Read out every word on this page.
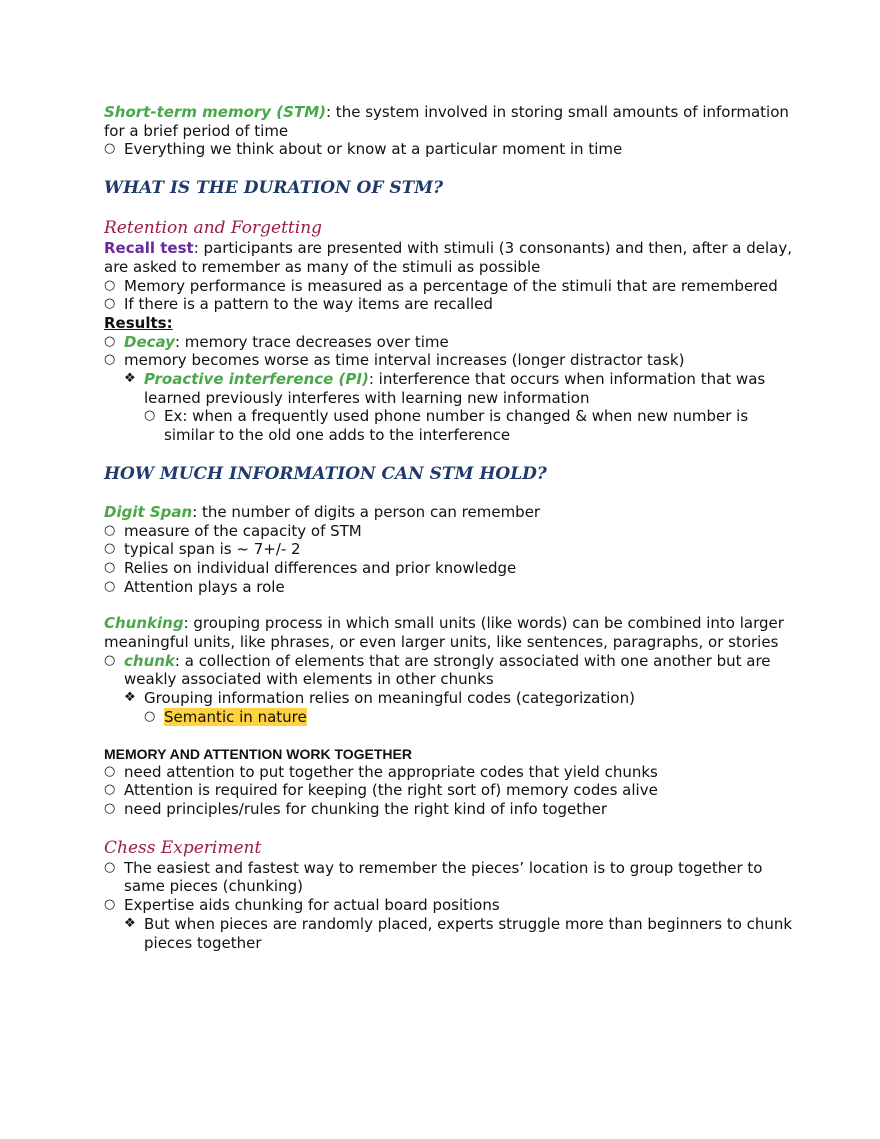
Short-term memory (STM): the system involved in storing small amounts of information for a brief period of time

○ Everything we think about or know at a particular moment in time

WHAT IS THE DURATION OF STM?

Retention and Forgetting

Recall test: participants are presented with stimuli (3 consonants) and then, after a delay, are asked to remember as many of the stimuli as possible

○ Memory performance is measured as a percentage of the stimuli that are remembered
○ If there is a pattern to the way items are recalled

Results:

○ Decay: memory trace decreases over time
○ memory becomes worse as time interval increases (longer distractor task)
❖ Proactive interference (PI): interference that occurs when information that was learned previously interferes with learning new information
○ Ex: when a frequently used phone number is changed & when new number is similar to the old one adds to the interference

HOW MUCH INFORMATION CAN STM HOLD?

Digit Span: the number of digits a person can remember

○ measure of the capacity of STM
○ typical span is ~ 7+/- 2
○ Relies on individual differences and prior knowledge
○ Attention plays a role

Chunking: grouping process in which small units (like words) can be combined into larger meaningful units, like phrases, or even larger units, like sentences, paragraphs, or stories

○ chunk: a collection of elements that are strongly associated with one another but are weakly associated with elements in other chunks
❖ Grouping information relies on meaningful codes (categorization)
○ Semantic in nature

MEMORY AND ATTENTION WORK TOGETHER

○ need attention to put together the appropriate codes that yield chunks
○ Attention is required for keeping (the right sort of) memory codes alive
○ need principles/rules for chunking the right kind of info together

Chess Experiment

○ The easiest and fastest way to remember the pieces’ location is to group together to same pieces (chunking)
○ Expertise aids chunking for actual board positions
❖ But when pieces are randomly placed, experts struggle more than beginners to chunk pieces together
